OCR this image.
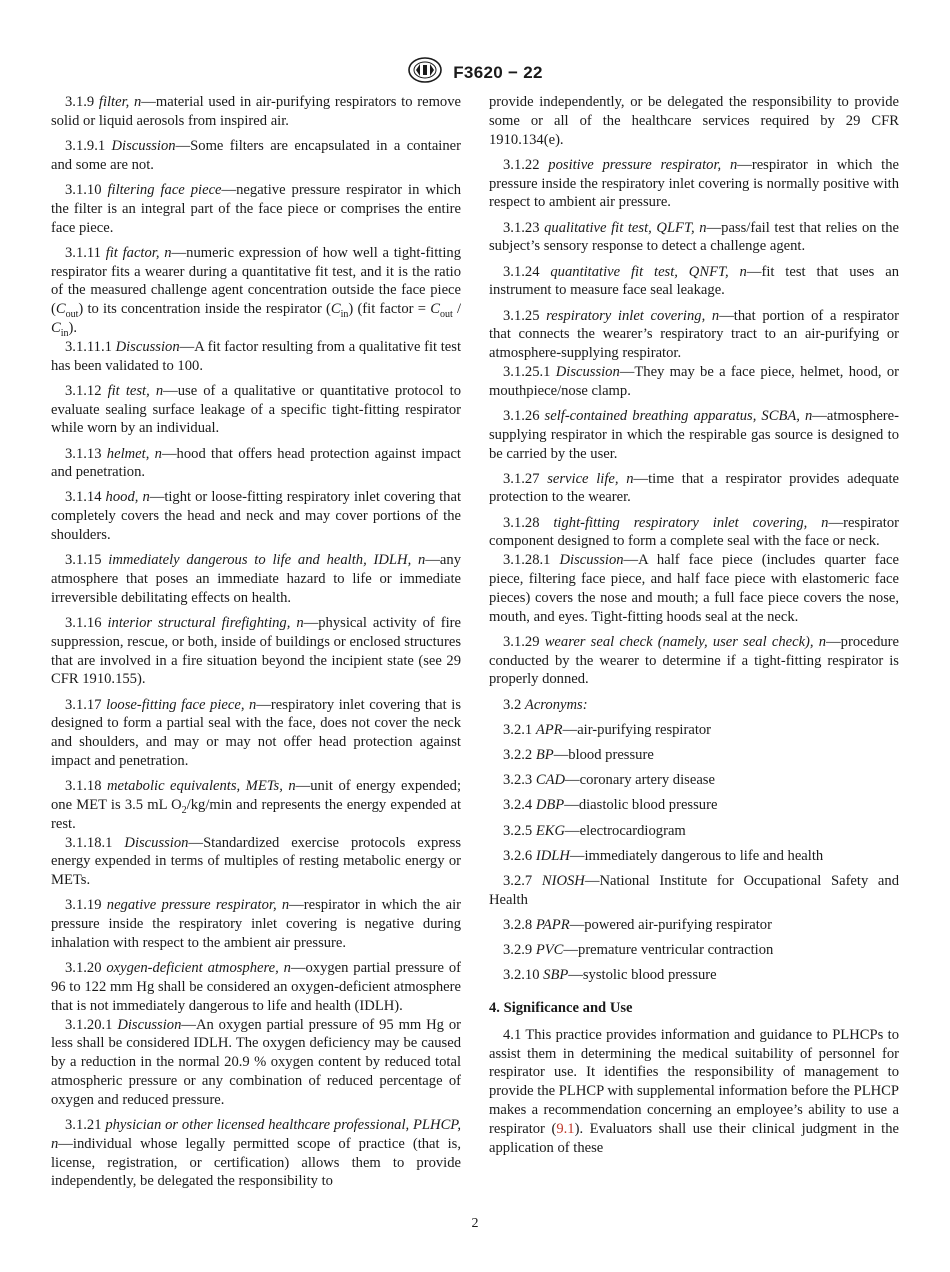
F3620 − 22

3.1.9 filter, n—material used in air-purifying respirators to remove solid or liquid aerosols from inspired air.

3.1.9.1 Discussion—Some filters are encapsulated in a container and some are not.

3.1.10 filtering face piece—negative pressure respirator in which the filter is an integral part of the face piece or comprises the entire face piece.

3.1.11 fit factor, n—numeric expression of how well a tight-fitting respirator fits a wearer during a quantitative fit test, and it is the ratio of the measured challenge agent concentration outside the face piece $(C_{out})$ to its concentration inside the respirator $(C_{in})$ (fit factor = $C_{out} / C_{in}$).

3.1.11.1 Discussion—A fit factor resulting from a qualitative fit test has been validated to 100.

3.1.12 fit test, n—use of a qualitative or quantitative protocol to evaluate sealing surface leakage of a specific tight-fitting respirator while worn by an individual.

3.1.13 helmet, n—hood that offers head protection against impact and penetration.

3.1.14 hood, n—tight or loose-fitting respiratory inlet covering that completely covers the head and neck and may cover portions of the shoulders.

3.1.15 immediately dangerous to life and health, IDLH, n—any atmosphere that poses an immediate hazard to life or immediate irreversible debilitating effects on health.

3.1.16 interior structural firefighting, n—physical activity of fire suppression, rescue, or both, inside of buildings or enclosed structures that are involved in a fire situation beyond the incipient state (see 29 CFR 1910.155).

3.1.17 loose-fitting face piece, n—respiratory inlet covering that is designed to form a partial seal with the face, does not cover the neck and shoulders, and may or may not offer head protection against impact and penetration.

3.1.18 metabolic equivalents, METs, n—unit of energy expended; one MET is 3.5 mL $O_2/kg/\min$ and represents the energy expended at rest.

3.1.18.1 Discussion—Standardized exercise protocols express energy expended in terms of multiples of resting metabolic energy or METs.

3.1.19 negative pressure respirator, n—respirator in which the air pressure inside the respiratory inlet covering is negative during inhalation with respect to the ambient air pressure.

3.1.20 oxygen-deficient atmosphere, n—oxygen partial pressure of 96 to 122 mm Hg shall be considered an oxygen-deficient atmosphere that is not immediately dangerous to life and health (IDLH).

3.1.20.1 Discussion—An oxygen partial pressure of 95 mm Hg or less shall be considered IDLH. The oxygen deficiency may be caused by a reduction in the normal 20.9 % oxygen content by reduced total atmospheric pressure or any combination of reduced percentage of oxygen and reduced pressure.

3.1.21 physician or other licensed healthcare professional, PLHCP, n—individual whose legally permitted scope of practice (that is, license, registration, or certification) allows them to provide independently, be delegated the responsibility to

provide independently, or be delegated the responsibility to provide some or all of the healthcare services required by 29 CFR 1910.134(e).

3.1.22 positive pressure respirator, n—respirator in which the pressure inside the respiratory inlet covering is normally positive with respect to ambient air pressure.

3.1.23 qualitative fit test, QLFT, n—pass/fail test that relies on the subject’s sensory response to detect a challenge agent.

3.1.24 quantitative fit test, QNFT, n—fit test that uses an instrument to measure face seal leakage.

3.1.25 respiratory inlet covering, n—that portion of a respirator that connects the wearer’s respiratory tract to an air-purifying or atmosphere-supplying respirator.

3.1.25.1 Discussion—They may be a face piece, helmet, hood, or mouthpiece/nose clamp.

3.1.26 self-contained breathing apparatus, SCBA, n—atmosphere-supplying respirator in which the respirable gas source is designed to be carried by the user.

3.1.27 service life, n—time that a respirator provides adequate protection to the wearer.

3.1.28 tight-fitting respiratory inlet covering, n—respirator component designed to form a complete seal with the face or neck.

3.1.28.1 Discussion—A half face piece (includes quarter face piece, filtering face piece, and half face piece with elastomeric face pieces) covers the nose and mouth; a full face piece covers the nose, mouth, and eyes. Tight-fitting hoods seal at the neck.

3.1.29 wearer seal check (namely, user seal check), n—procedure conducted by the wearer to determine if a tight-fitting respirator is properly donned.

3.2 Acronyms:

3.2.1 APR—air-purifying respirator

3.2.2 BP—blood pressure

3.2.3 CAD—coronary artery disease

3.2.4 DBP—diastolic blood pressure

3.2.5 EKG—electrocardiogram

3.2.6 IDLH—immediately dangerous to life and health

3.2.7 NIOSH—National Institute for Occupational Safety and Health

3.2.8 PAPR—powered air-purifying respirator

3.2.9 PVC—premature ventricular contraction

3.2.10 SBP—systolic blood pressure

4. Significance and Use

4.1 This practice provides information and guidance to PLHCPs to assist them in determining the medical suitability of personnel for respirator use. It identifies the responsibility of management to provide the PLHCP with supplemental information before the PLHCP makes a recommendation concerning an employee’s ability to use a respirator (9.1). Evaluators shall use their clinical judgment in the application of these

2
